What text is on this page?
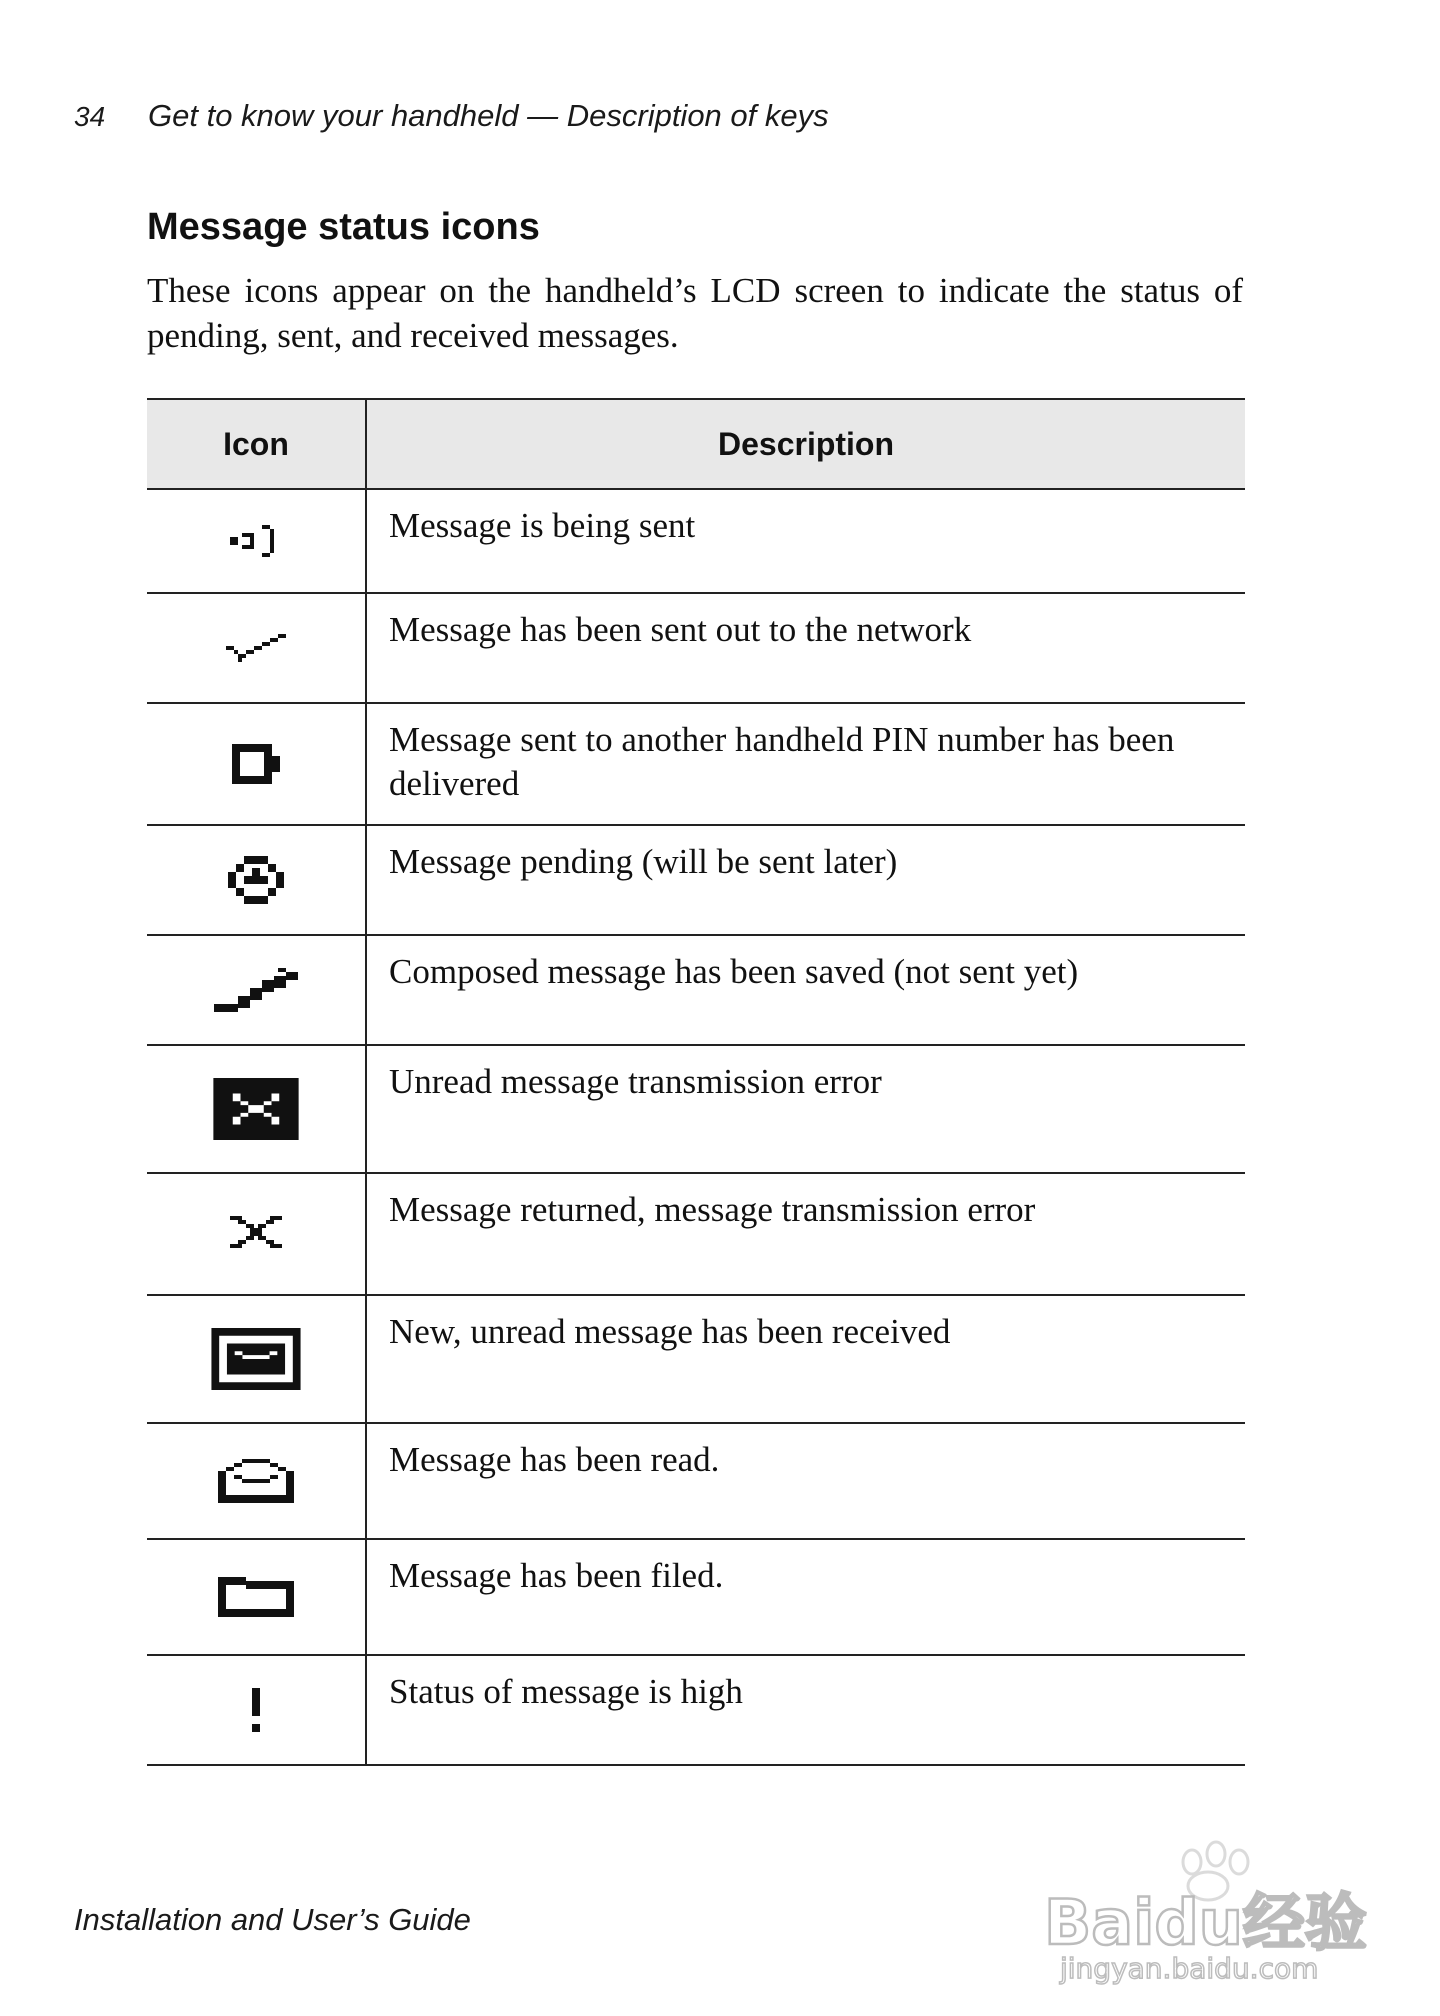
34 Get to know your handheld — Description of keys
Message status icons

These icons appear on the handheld’s LCD screen to indicate the status of pending, sent, and received messages.

Icon	Description

	Message is being sent

	Message has been sent out to the network

	Message sent to another handheld PIN number has been delivered

	Message pending (will be sent later)

	Composed message has been saved (not sent yet)

	Unread message transmission error

	Message returned, message transmission error

	New, unread message has been received

	Message has been read.

	Message has been filed.

	Status of message is high
Installation and User’s Guide	Baidu经验
jingyan.baidu.com
